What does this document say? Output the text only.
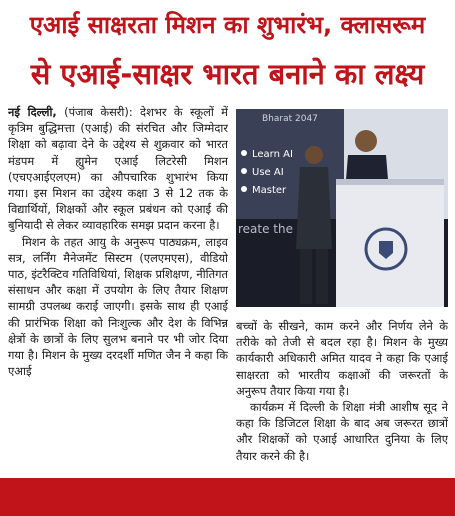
एआई साक्षरता मिशन का शुभारंभ, क्लासरूम
से एआई-साक्षर भारत बनाने का लक्ष्य

नई दिल्ली, (पंजाब केसरी): देशभर के स्कूलों में कृत्रिम बुद्धिमत्ता (एआई) की संरचित और जिम्मेदार शिक्षा को बढ़ावा देने के उद्देश्य से शुक्रवार को भारत मंडपम में ह्युमेन एआई लिटरेसी मिशन (एचएआईएलएम) का औपचारिक शुभारंभ किया गया। इस मिशन का उद्देश्य कक्षा 3 से 12 तक के विद्यार्थियों, शिक्षकों और स्कूल प्रबंधन को एआई की बुनियादी से लेकर व्यावहारिक समझ प्रदान करना है।

मिशन के तहत आयु के अनुरूप पाठ्यक्रम, लाइव सत्र, लर्निंग मैनेजमेंट सिस्टम (एलएमएस), वीडियो पाठ, इंटरैक्टिव गतिविधियां, शिक्षक प्रशिक्षण, नीतिगत संसाधन और कक्षा में उपयोग के लिए तैयार शिक्षण सामग्री उपलब्ध कराई जाएगी। इसके साथ ही एआई की प्रारंभिक शिक्षा को निःशुल्क और देश के विभिन्न क्षेत्रों के छात्रों के लिए सुलभ बनाने पर भी जोर दिया गया है। मिशन के मुख्य दरदर्शी मणित जैन ने कहा कि एआई

Bharat 2047
Learn AI
Use AI
Master
reate the

बच्चों के सीखने, काम करने और निर्णय लेने के तरीके को तेजी से बदल रहा है। मिशन के मुख्य कार्यकारी अधिकारी अमित यादव ने कहा कि एआई साक्षरता को भारतीय कक्षाओं की जरूरतों के अनुरूप तैयार किया गया है।

कार्यक्रम में दिल्ली के शिक्षा मंत्री आशीष सूद ने कहा कि डिजिटल शिक्षा के बाद अब जरूरत छात्रों और शिक्षकों को एआई आधारित दुनिया के लिए तैयार करने की है।
